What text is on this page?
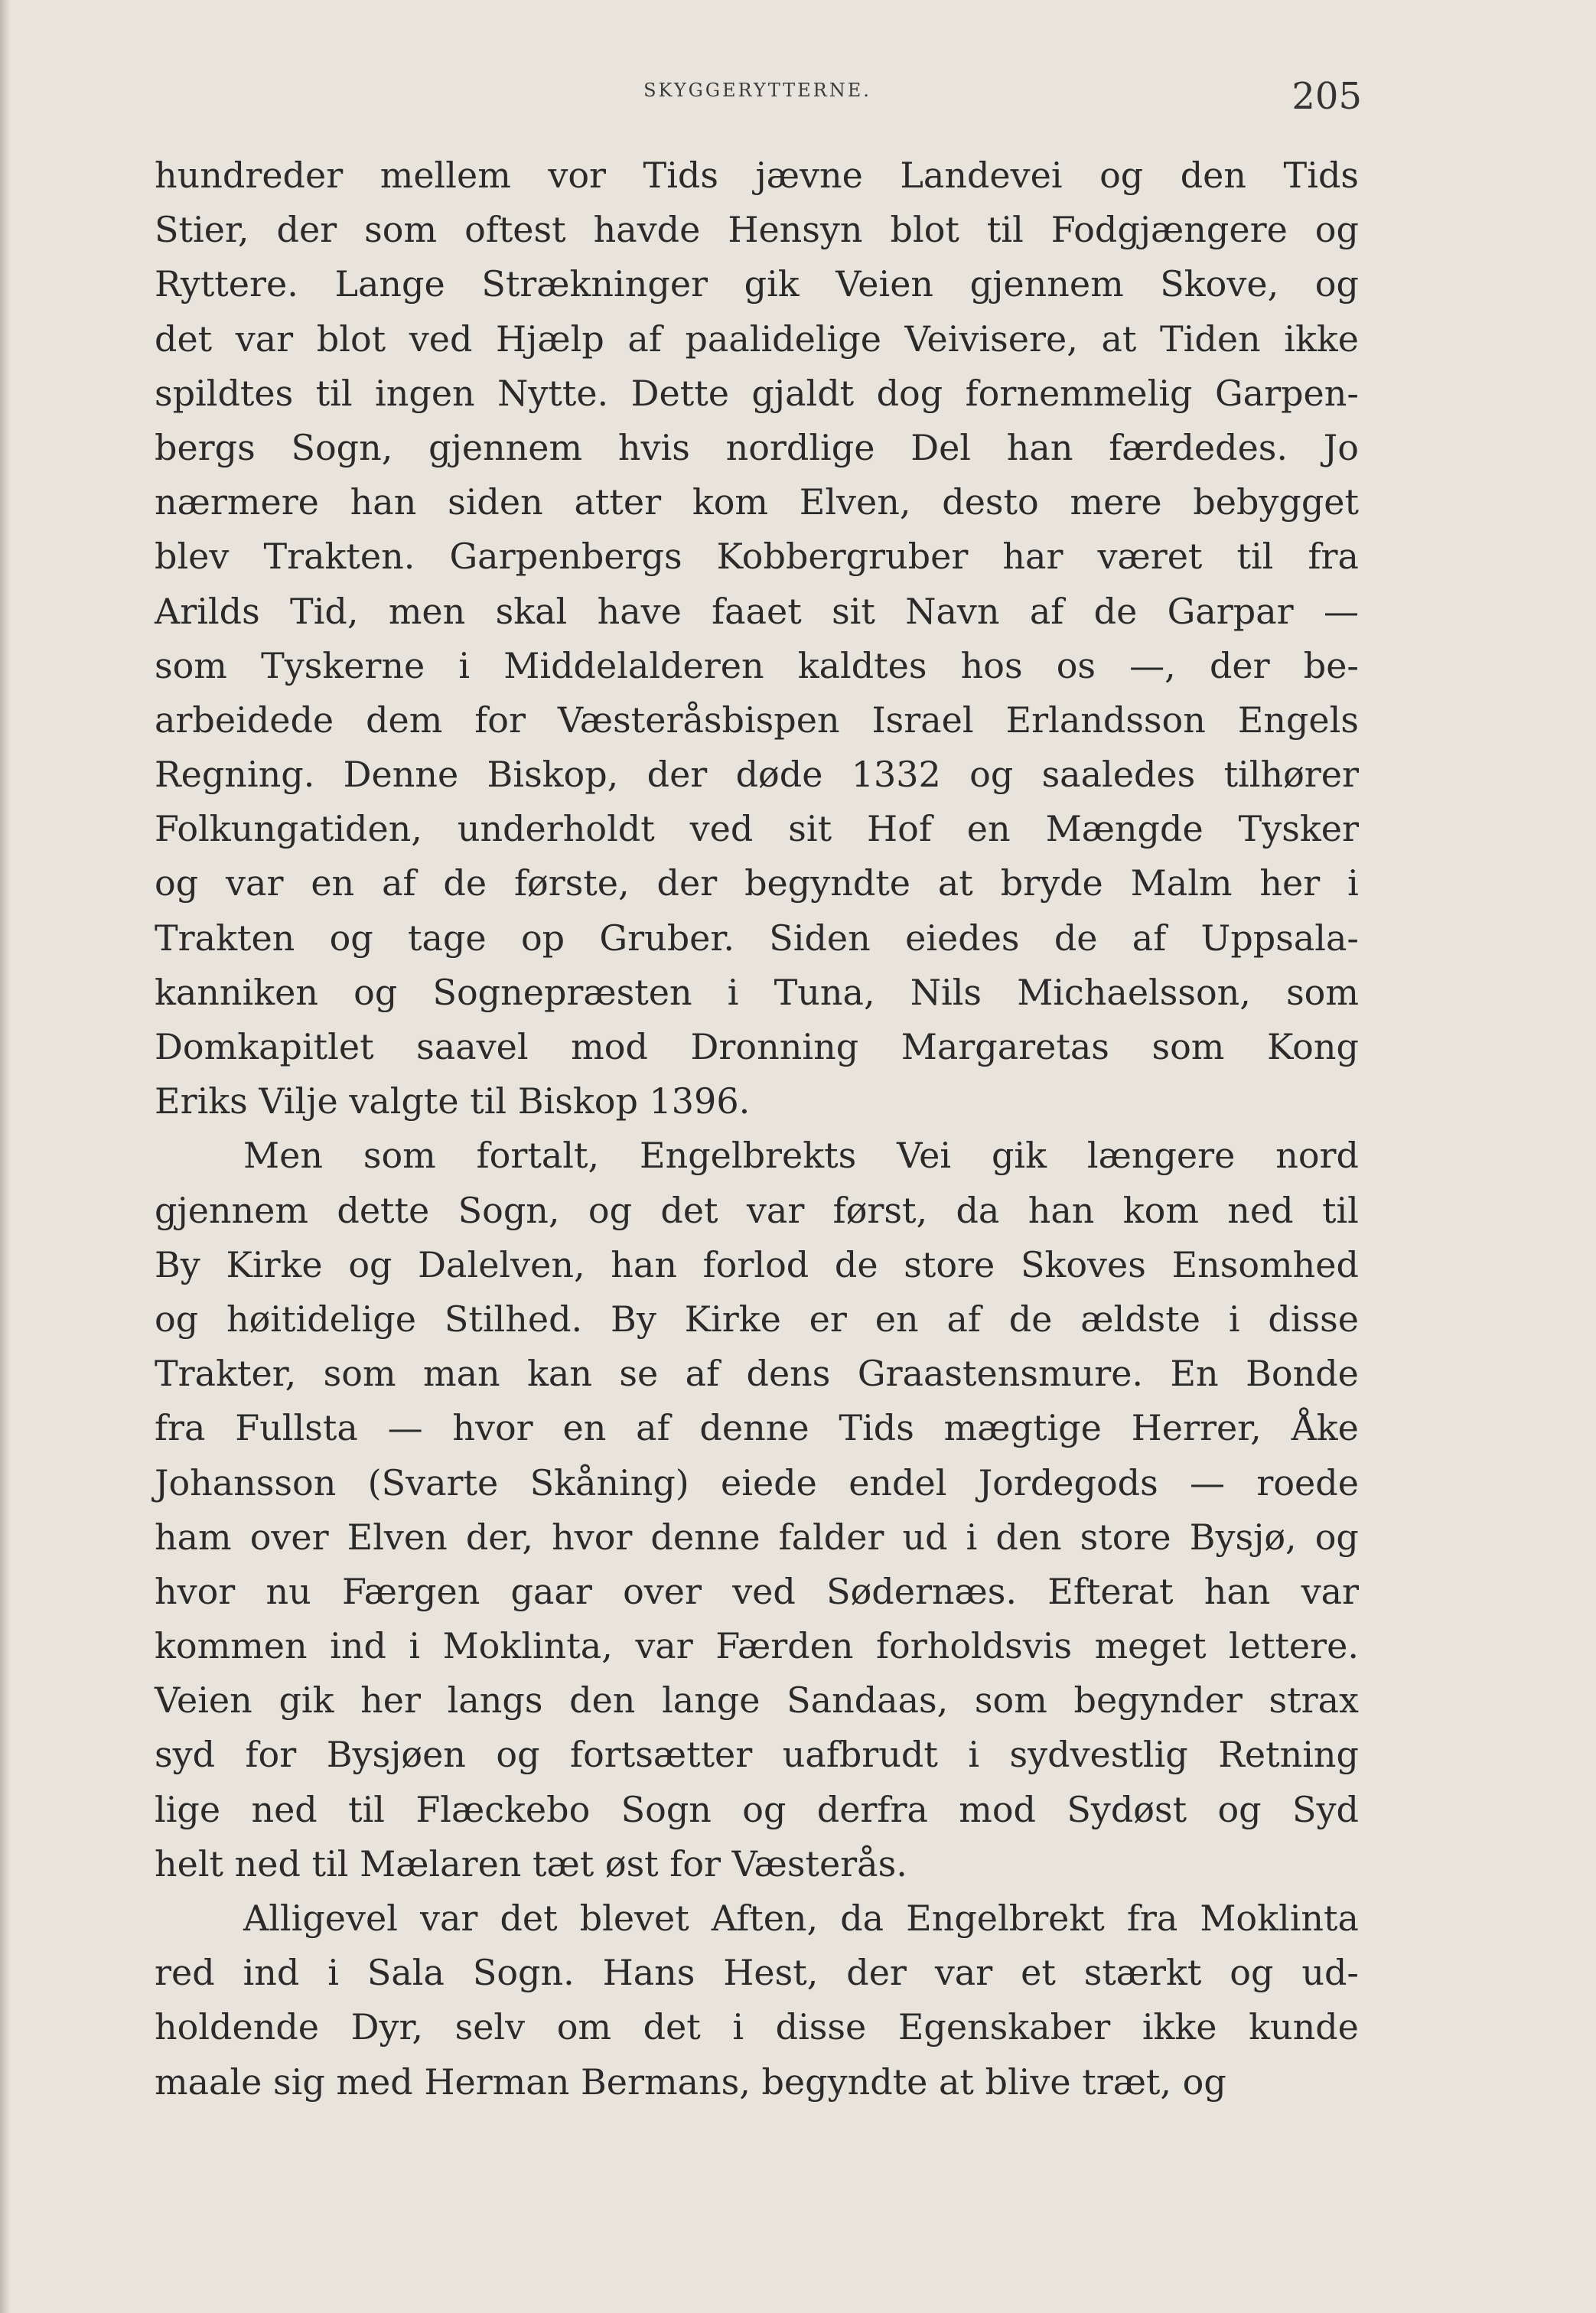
SKYGGERYTTERNE.	205
hundreder mellem vor Tids jævne Landevei og den Tids
Stier, der som oftest havde Hensyn blot til Fodgjængere og
Ryttere. Lange Strækninger gik Veien gjennem Skove, og
det var blot ved Hjælp af paalidelige Veivisere, at Tiden ikke
spildtes til ingen Nytte. Dette gjaldt dog fornemmelig Garpen-
bergs Sogn, gjennem hvis nordlige Del han færdedes. Jo
nærmere han siden atter kom Elven, desto mere bebygget
blev Trakten. Garpenbergs Kobbergruber har været til fra
Arilds Tid, men skal have faaet sit Navn af de Garpar —
som Tyskerne i Middelalderen kaldtes hos os —, der be-
arbeidede dem for Væsteråsbispen Israel Erlandsson Engels
Regning. Denne Biskop, der døde 1332 og saaledes tilhører
Folkungatiden, underholdt ved sit Hof en Mængde Tysker
og var en af de første, der begyndte at bryde Malm her i
Trakten og tage op Gruber. Siden eiedes de af Uppsala-
kanniken og Sognepræsten i Tuna, Nils Michaelsson, som
Domkapitlet saavel mod Dronning Margaretas som Kong
Eriks Vilje valgte til Biskop 1396.
Men som fortalt, Engelbrekts Vei gik længere nord
gjennem dette Sogn, og det var først, da han kom ned til
By Kirke og Dalelven, han forlod de store Skoves Ensomhed
og høitidelige Stilhed. By Kirke er en af de ældste i disse
Trakter, som man kan se af dens Graastensmure. En Bonde
fra Fullsta — hvor en af denne Tids mægtige Herrer, Åke
Johansson (Svarte Skåning) eiede endel Jordegods — roede
ham over Elven der, hvor denne falder ud i den store Bysjø, og
hvor nu Færgen gaar over ved Sødernæs. Efterat han var
kommen ind i Moklinta, var Færden forholdsvis meget lettere.
Veien gik her langs den lange Sandaas, som begynder strax
syd for Bysjøen og fortsætter uafbrudt i sydvestlig Retning
lige ned til Flæckebo Sogn og derfra mod Sydøst og Syd
helt ned til Mælaren tæt øst for Væsterås.
Alligevel var det blevet Aften, da Engelbrekt fra Moklinta
red ind i Sala Sogn. Hans Hest, der var et stærkt og ud-
holdende Dyr, selv om det i disse Egenskaber ikke kunde
maale sig med Herman Bermans, begyndte at blive træt, og
